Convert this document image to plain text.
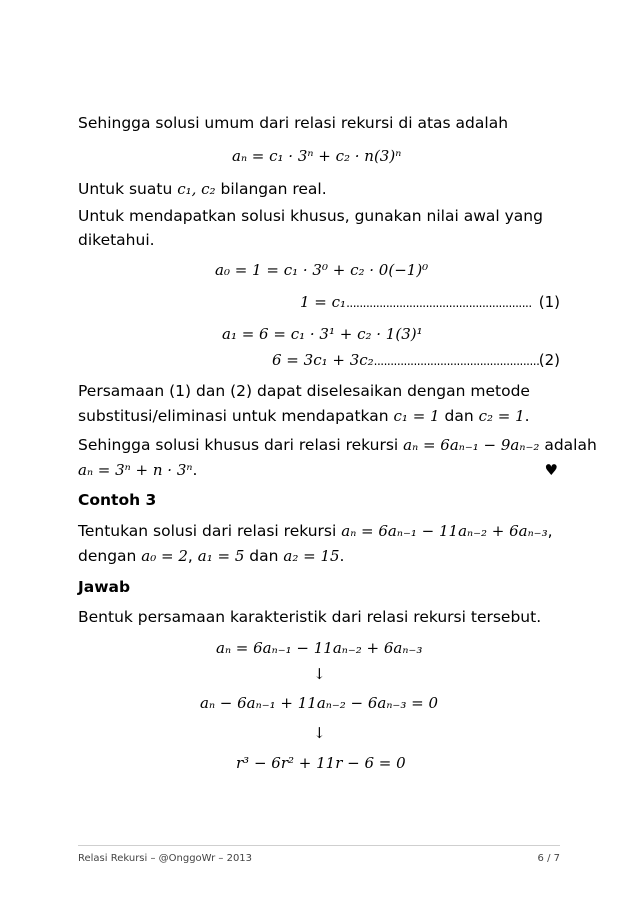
Sehingga solusi umum dari relasi rekursi di atas adalah
aₙ = c₁ · 3ⁿ + c₂ · n(3)ⁿ
Untuk suatu c₁, c₂ bilangan real.
Untuk mendapatkan solusi khusus, gunakan nilai awal yang
diketahui.
a₀ = 1 = c₁ · 3⁰ + c₂ · 0(−1)⁰
1 = c₁........................................................ (1)
a₁ = 6 = c₁ · 3¹ + c₂ · 1(3)¹
6 = 3c₁ + 3c₂.................................................. (2)
Persamaan (1) dan (2) dapat diselesaikan dengan metode
substitusi/eliminasi untuk mendapatkan c₁ = 1 dan c₂ = 1.
Sehingga solusi khusus dari relasi rekursi aₙ = 6aₙ₋₁ − 9aₙ₋₂ adalah
aₙ = 3ⁿ + n · 3ⁿ.	♥
Contoh 3
Tentukan solusi dari relasi rekursi aₙ = 6aₙ₋₁ − 11aₙ₋₂ + 6aₙ₋₃,
dengan a₀ = 2, a₁ = 5 dan a₂ = 15.
Jawab
Bentuk persamaan karakteristik dari relasi rekursi tersebut.
aₙ = 6aₙ₋₁ − 11aₙ₋₂ + 6aₙ₋₃
↓
aₙ − 6aₙ₋₁ + 11aₙ₋₂ − 6aₙ₋₃ = 0
↓
r³ − 6r² + 11r − 6 = 0
Relasi Rekursi – @OnggoWr – 2013	6 / 7
